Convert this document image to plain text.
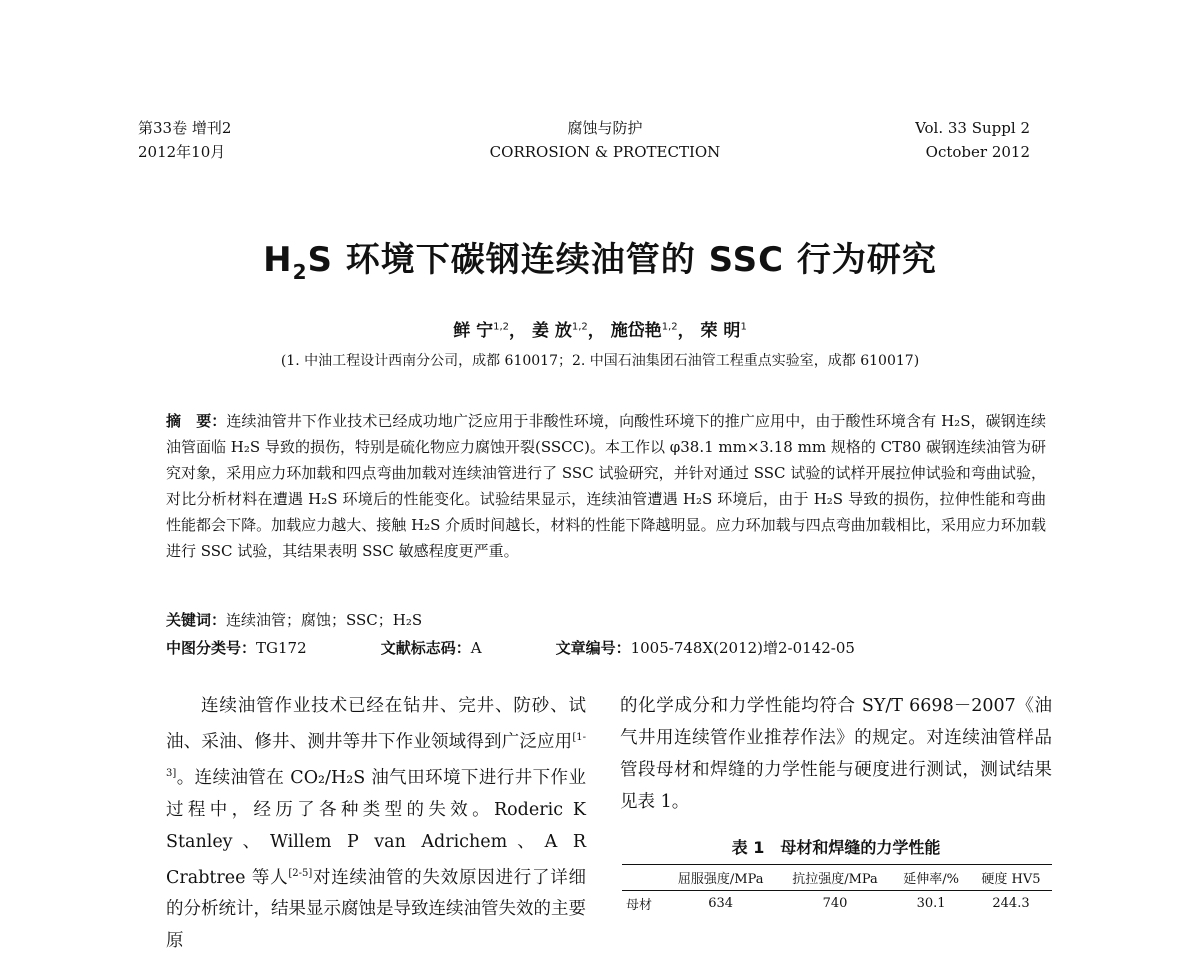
第33卷 增刊2
2012年10月
腐蚀与防护
CORROSION & PROTECTION
Vol. 33 Suppl 2
October 2012
$H_2S$ 环境下碳钢连续油管的 SSC 行为研究
鲜 宁$^{1,2}$， 姜 放$^{1,2}$， 施岱艳$^{1,2}$， 荣 明$^1$
(1. 中油工程设计西南分公司，成都 610017；2. 中国石油集团石油管工程重点实验室，成都 610017)
摘　要：连续油管井下作业技术已经成功地广泛应用于非酸性环境，向酸性环境下的推广应用中，由于酸性环境含有 H₂S，碳钢连续油管面临 H₂S 导致的损伤，特别是硫化物应力腐蚀开裂(SSCC)。本工作以 φ38.1 mm×3.18 mm 规格的 CT80 碳钢连续油管为研究对象，采用应力环加载和四点弯曲加载对连续油管进行了 SSC 试验研究，并针对通过 SSC 试验的试样开展拉伸试验和弯曲试验，对比分析材料在遭遇 H₂S 环境后的性能变化。试验结果显示，连续油管遭遇 H₂S 环境后，由于 H₂S 导致的损伤，拉伸性能和弯曲性能都会下降。加载应力越大、接触 H₂S 介质时间越长，材料的性能下降越明显。应力环加载与四点弯曲加载相比，采用应力环加载进行 SSC 试验，其结果表明 SSC 敏感程度更严重。
关键词：连续油管；腐蚀；SSC；H₂S
中图分类号：TG172	文献标志码：A	文章编号：1005-748X(2012)增2-0142-05

连续油管作业技术已经在钻井、完井、防砂、试油、采油、修井、测井等井下作业领域得到广泛应用[1-3]。连续油管在 CO₂/H₂S 油气田环境下进行井下作业过程中，经历了各种类型的失效。Roderic K Stanley、Willem P van Adrichem、A R Crabtree 等人[2-5]对连续油管的失效原因进行了详细的分析统计，结果显示腐蚀是导致连续油管失效的主要原

的化学成分和力学性能均符合 SY/T 6698－2007《油气井用连续管作业推荐作法》的规定。对连续油管样品管段母材和焊缝的力学性能与硬度进行测试，测试结果见表 1。

表 1　母材和焊缝的力学性能
	屈服强度/MPa	抗拉强度/MPa	延伸率/%	硬度 HV5
母材	634	740	30.1	244.3
